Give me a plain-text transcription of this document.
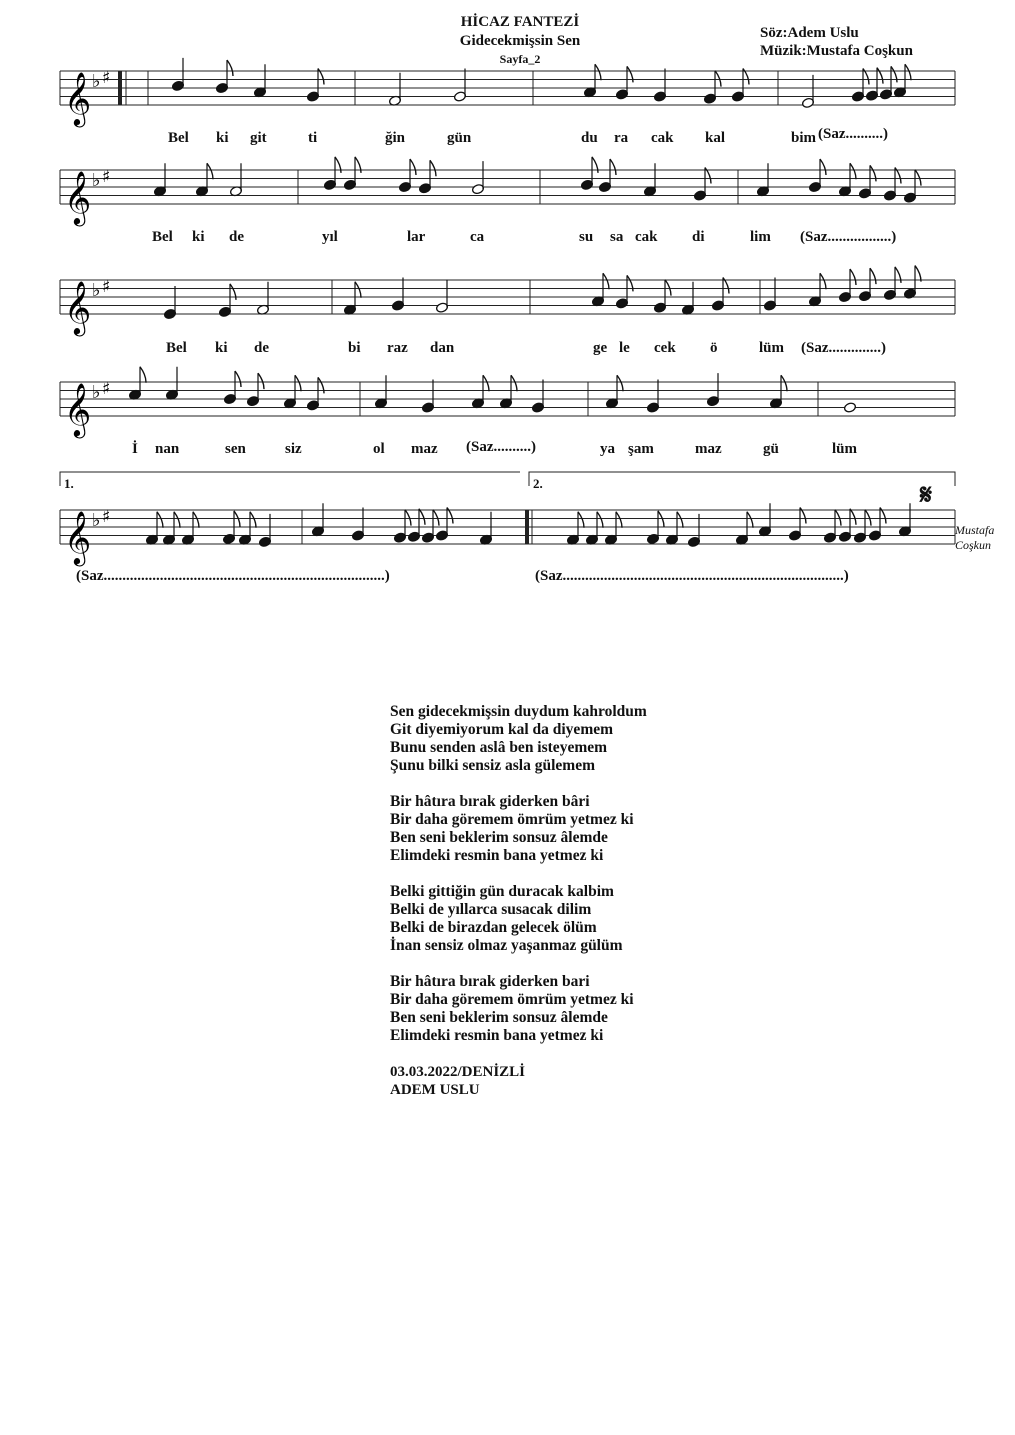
HİCAZ FANTEZİ
Gidecekmişsin Sen
Sayfa_2
Söz:Adem Uslu
Müzik:Mustafa Coşkun
𝄞 ♭ ♯
𝄞 ♭ ♯
𝄞 ♭ ♯
𝄞 ♭ ♯
𝄞 ♭ ♯
Bel ki git	ti	ğin	gün	du ra cak kal	bim (Saz..........)
Bel ki de	yıl	lar	ca	su sa cak di	lim (Saz.................)
Bel ki de	bi raz dan	ge le cek ö	lüm (Saz..............)
İ nan	sen	siz	ol maz (Saz..........)	ya şam	maz	gü	lüm
1.	2.	𝄋
Mustafa
Coşkun
(Saz...........................................................................)	(Saz...........................................................................)
Sen gidecekmişsin duydum kahroldum
Git diyemiyorum kal da diyemem
Bunu senden aslâ ben isteyemem
Şunu bilki sensiz asla gülemem
Bir hâtıra bırak giderken bâri
Bir daha göremem ömrüm yetmez ki
Ben seni beklerim sonsuz âlemde
Elimdeki resmin bana yetmez ki
Belki gittiğin gün duracak kalbim
Belki de yıllarca susacak dilim
Belki de birazdan gelecek ölüm
İnan sensiz olmaz yaşanmaz gülüm
Bir hâtıra bırak giderken bari
Bir daha göremem ömrüm yetmez ki
Ben seni beklerim sonsuz âlemde
Elimdeki resmin bana yetmez ki
03.03.2022/DENİZLİ
ADEM USLU
